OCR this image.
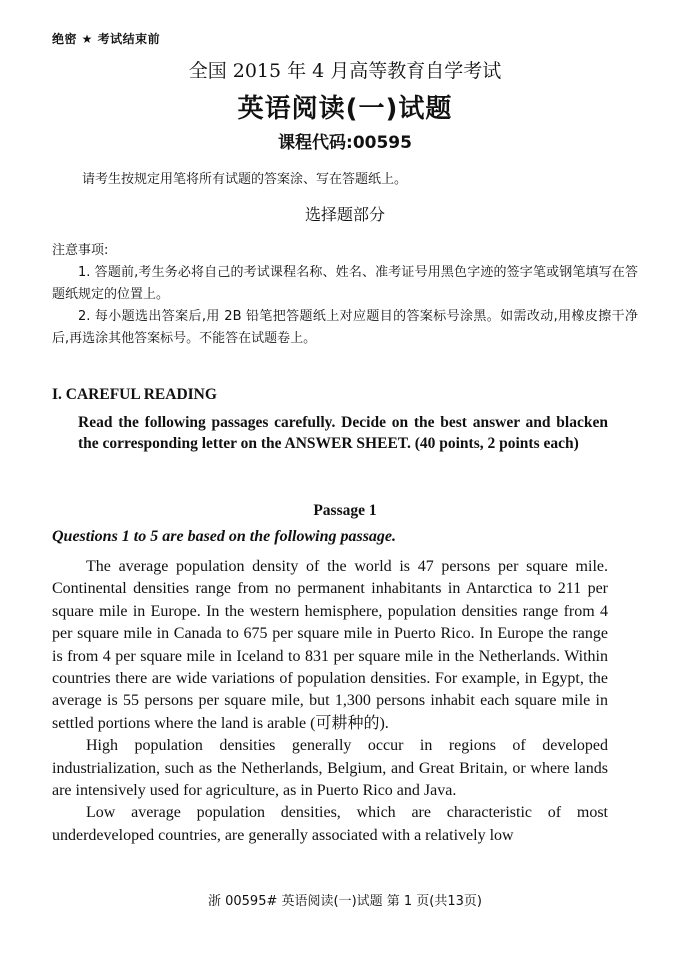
绝密 ★ 考试结束前
全国 2015 年 4 月高等教育自学考试
英语阅读(一)试题
课程代码:00595
请考生按规定用笔将所有试题的答案涂、写在答题纸上。
选择题部分
注意事项:

1. 答题前,考生务必将自己的考试课程名称、姓名、准考证号用黑色字迹的签字笔或钢笔填写在答题纸规定的位置上。

2. 每小题选出答案后,用 2B 铅笔把答题纸上对应题目的答案标号涂黑。如需改动,用橡皮擦干净后,再选涂其他答案标号。不能答在试题卷上。

I. CAREFUL READING
Read the following passages carefully. Decide on the best answer and blacken the corresponding letter on the ANSWER SHEET. (40 points, 2 points each)
Passage 1
Questions 1 to 5 are based on the following passage.

The average population density of the world is 47 persons per square mile. Continental densities range from no permanent inhabitants in Antarctica to 211 per square mile in Europe. In the western hemisphere, population densities range from 4 per square mile in Canada to 675 per square mile in Puerto Rico. In Europe the range is from 4 per square mile in Iceland to 831 per square mile in the Netherlands. Within countries there are wide variations of population densities. For example, in Egypt, the average is 55 persons per square mile, but 1,300 persons inhabit each square mile in settled portions where the land is arable (可耕种的).

High population densities generally occur in regions of developed industrialization, such as the Netherlands, Belgium, and Great Britain, or where lands are intensively used for agriculture, as in Puerto Rico and Java.

Low average population densities, which are characteristic of most underdeveloped countries, are generally associated with a relatively low

浙 00595# 英语阅读(一)试题 第 1 页(共13页)
